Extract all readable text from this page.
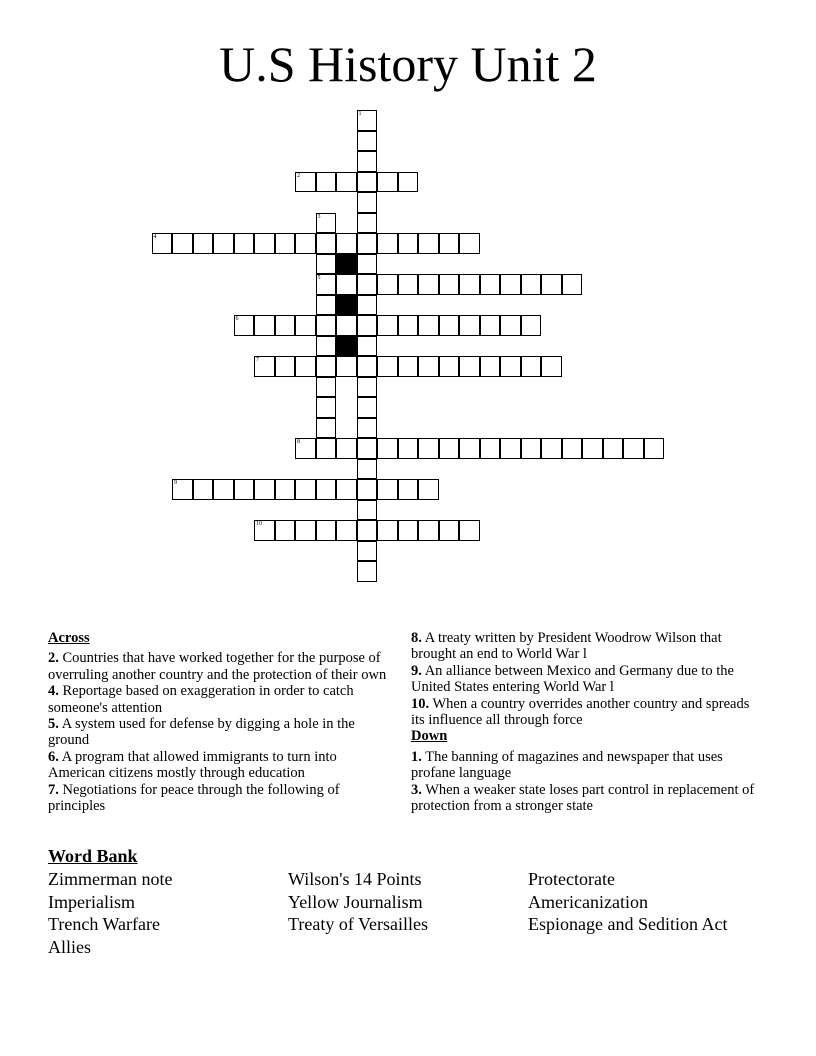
U.S History Unit 2
2
4
5
6
7
8
9
10
1
3
Across
2. Countries that have worked together for the purpose of overruling another country and the protection of their own
4. Reportage based on exaggeration in order to catch someone's attention
5. A system used for defense by digging a hole in the ground
6. A program that allowed immigrants to turn into American citizens mostly through education
7. Negotiations for peace through the following of principles
8. A treaty written by President Woodrow Wilson that brought an end to World War l
9. An alliance between Mexico and Germany due to the United States entering World War l
10. When a country overrides another country and spreads its influence all through force
Down
1. The banning of magazines and newspaper that uses profane language
3. When a weaker state loses part control in replacement of protection from a stronger state
Word Bank
Zimmerman note	Wilson's 14 Points	Protectorate
Imperialism	Yellow Journalism	Americanization
Trench Warfare	Treaty of Versailles	Espionage and Sedition Act
Allies
